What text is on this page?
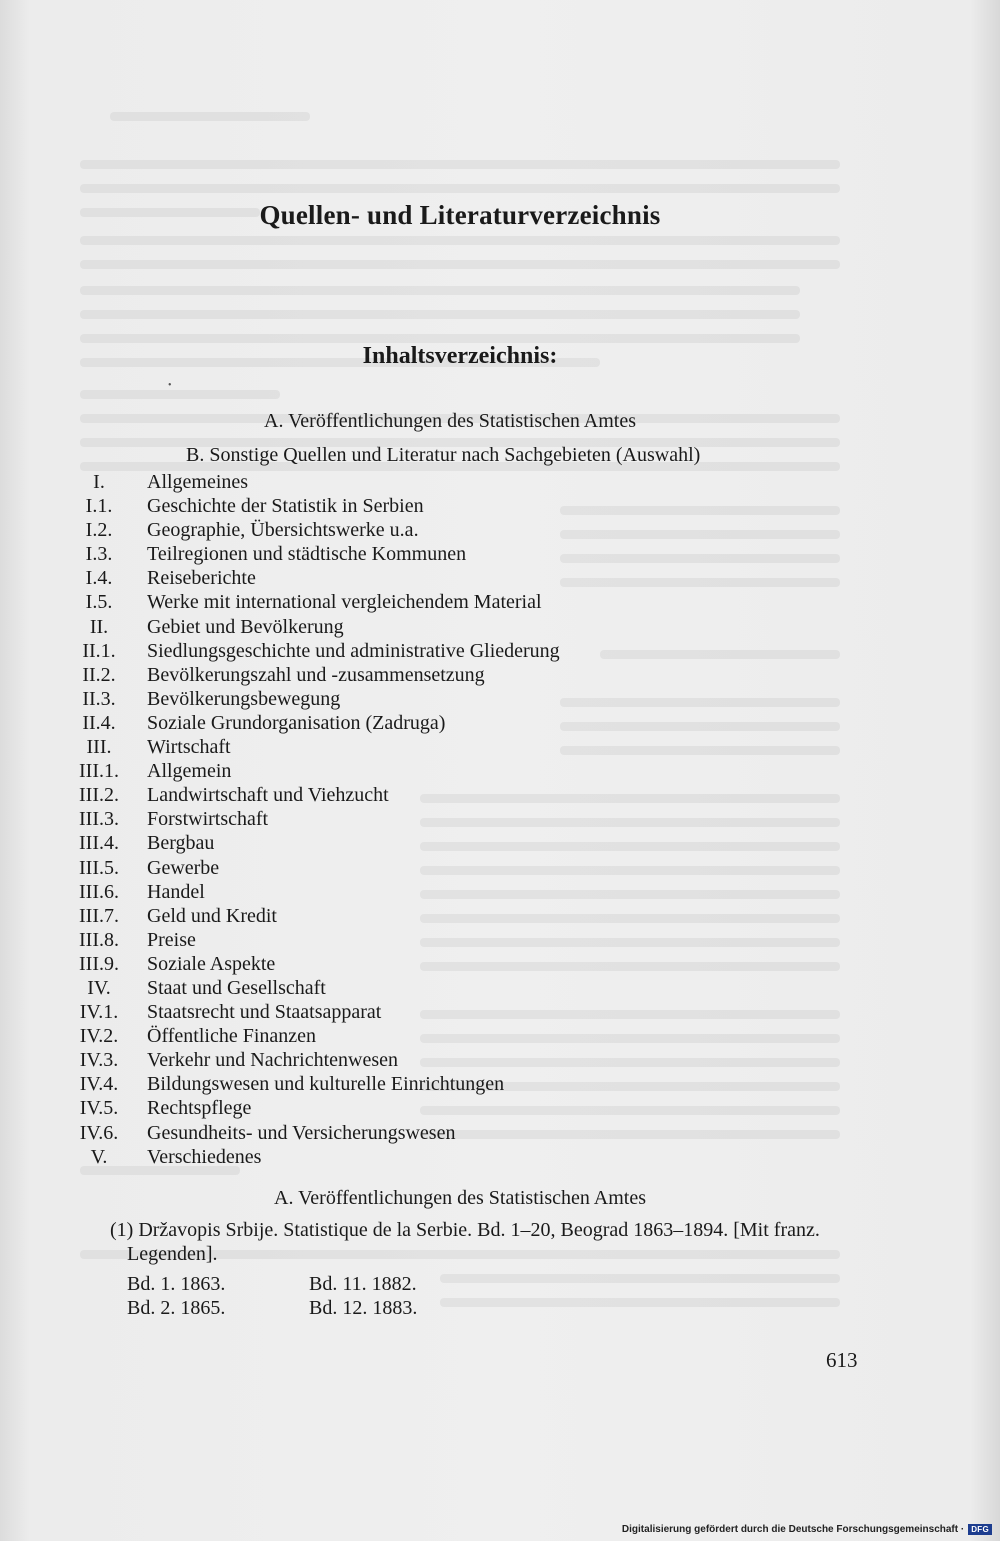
Quellen- und Literaturverzeichnis
Inhaltsverzeichnis:
•
A. Veröffentlichungen des Statistischen Amtes
B. Sonstige Quellen und Literatur nach Sachgebieten (Auswahl)
I.	Allgemeines
I.1.	Geschichte der Statistik in Serbien
I.2.	Geographie, Übersichtswerke u.a.
I.3.	Teilregionen und städtische Kommunen
I.4.	Reiseberichte
I.5.	Werke mit international vergleichendem Material
II.	Gebiet und Bevölkerung
II.1.	Siedlungsgeschichte und administrative Gliederung
II.2.	Bevölkerungszahl und -zusammensetzung
II.3.	Bevölkerungsbewegung
II.4.	Soziale Grundorganisation (Zadruga)
III.	Wirtschaft
III.1.	Allgemein
III.2.	Landwirtschaft und Viehzucht
III.3.	Forstwirtschaft
III.4.	Bergbau
III.5.	Gewerbe
III.6.	Handel
III.7.	Geld und Kredit
III.8.	Preise
III.9.	Soziale Aspekte
IV.	Staat und Gesellschaft
IV.1.	Staatsrecht und Staatsapparat
IV.2.	Öffentliche Finanzen
IV.3.	Verkehr und Nachrichtenwesen
IV.4.	Bildungswesen und kulturelle Einrichtungen
IV.5.	Rechtspflege
IV.6.	Gesundheits- und Versicherungswesen
V.	Verschiedenes
A. Veröffentlichungen des Statistischen Amtes
(1) Državopis Srbije. Statistique de la Serbie. Bd. 1–20, Beograd 1863–1894. [Mit franz.
Legenden].
Bd. 1. 1863.	Bd. 11. 1882.
Bd. 2. 1865.	Bd. 12. 1883.
613
Digitalisierung gefördert durch die Deutsche Forschungsgemeinschaft · DFG
